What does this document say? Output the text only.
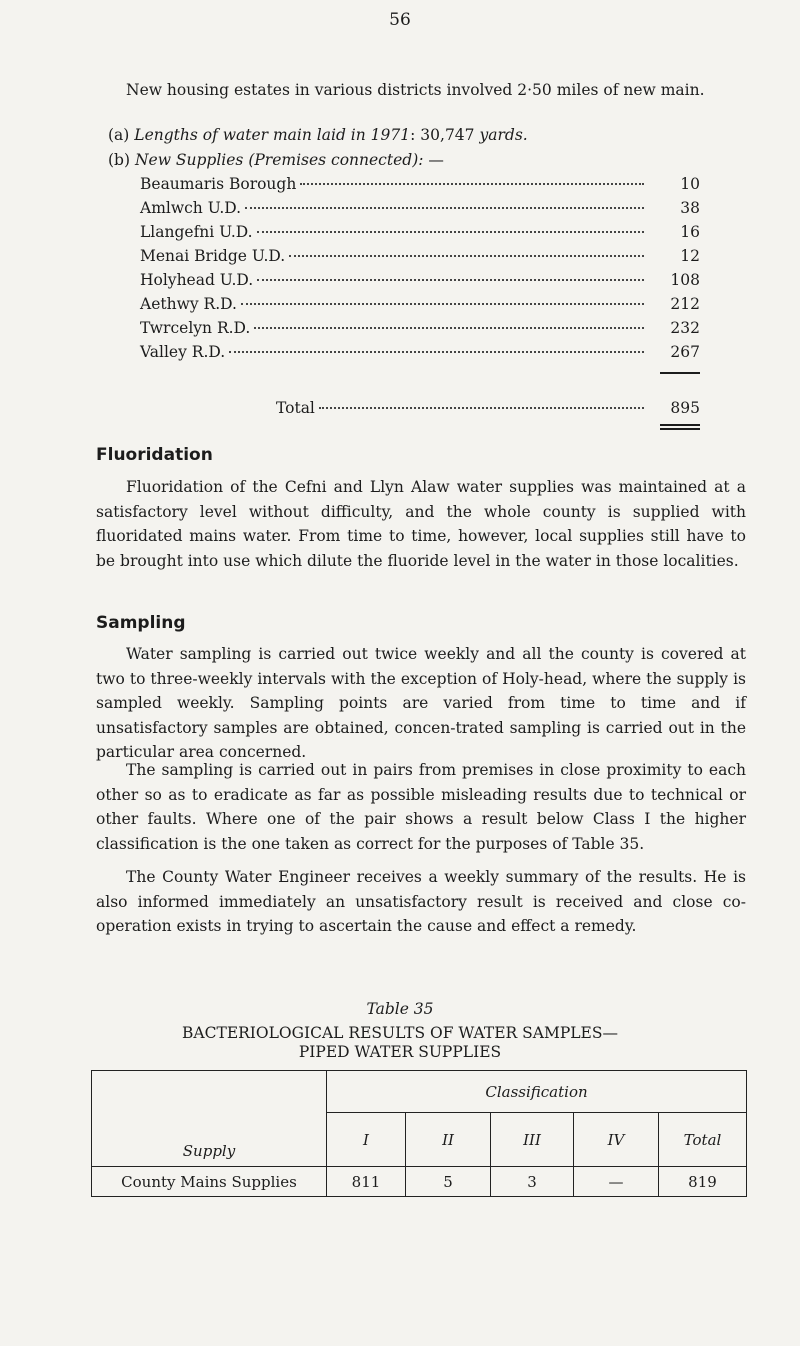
56
New housing estates in various districts involved 2·50 miles of new main.
(a) Lengths of water main laid in 1971: 30,747 yards.
(b) New Supplies (Premises connected): —
Beaumaris Borough	10
Amlwch U.D.	38
Llangefni U.D.	16
Menai Bridge U.D.	12
Holyhead U.D.	108
Aethwy R.D.	212
Twrcelyn R.D.	232
Valley R.D.	267
Total	895
Fluoridation
Fluoridation of the Cefni and Llyn Alaw water supplies was maintained at a satisfactory level without difficulty, and the whole county is supplied with fluoridated mains water. From time to time, however, local supplies still have to be brought into use which dilute the fluoride level in the water in those localities.
Sampling
Water sampling is carried out twice weekly and all the county is covered at two to three-weekly intervals with the exception of Holy-head, where the supply is sampled weekly. Sampling points are varied from time to time and if unsatisfactory samples are obtained, concen-trated sampling is carried out in the particular area concerned.
The sampling is carried out in pairs from premises in close proximity to each other so as to eradicate as far as possible misleading results due to technical or other faults. Where one of the pair shows a result below Class I the higher classification is the one taken as correct for the purposes of Table 35.
The County Water Engineer receives a weekly summary of the results. He is also informed immediately an unsatisfactory result is received and close co-operation exists in trying to ascertain the cause and effect a remedy.
Table 35
BACTERIOLOGICAL RESULTS OF WATER SAMPLES—
PIPED WATER SUPPLIES
Supply	Classification				
	I	II	III	IV	Total
County Mains Supplies	811	5	3	—	819
